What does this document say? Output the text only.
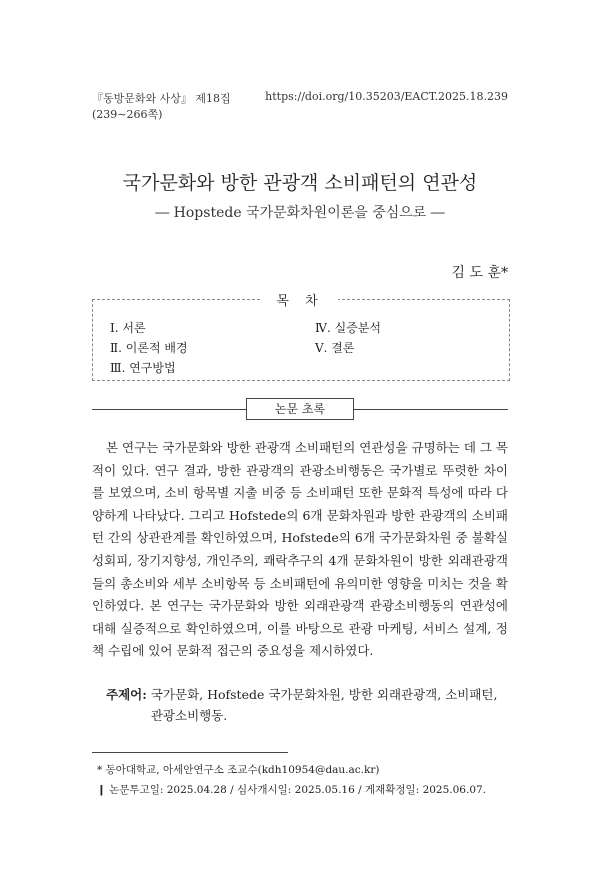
『동방문화와 사상』 제18집(239∼266쪽)
https://doi.org/10.35203/EACT.2025.18.239
국가문화와 방한 관광객 소비패턴의 연관성
― Hopstede 국가문화차원이론을 중심으로 ―
김 도 훈*
목 차
Ⅰ. 서론
Ⅱ. 이론적 배경
Ⅲ. 연구방법
Ⅳ. 실증분석
Ⅴ. 결론
논문 초록
본 연구는 국가문화와 방한 관광객 소비패턴의 연관성을 규명하는 데 그 목적이 있다. 연구 결과, 방한 관광객의 관광소비행동은 국가별로 뚜렷한 차이를 보였으며, 소비 항목별 지출 비중 등 소비패턴 또한 문화적 특성에 따라 다양하게 나타났다. 그리고 Hofstede의 6개 문화차원과 방한 관광객의 소비패턴 간의 상관관계를 확인하였으며, Hofstede의 6개 국가문화차원 중 불확실성회피, 장기지향성, 개인주의, 쾌락추구의 4개 문화차원이 방한 외래관광객들의 총소비와 세부 소비항목 등 소비패턴에 유의미한 영향을 미치는 것을 확인하였다. 본 연구는 국가문화와 방한 외래관광객 관광소비행동의 연관성에 대해 실증적으로 확인하였으며, 이를 바탕으로 관광 마케팅, 서비스 설계, 정책 수립에 있어 문화적 접근의 중요성을 제시하였다.
주제어: 국가문화, Hofstede 국가문화차원, 방한 외래관광객, 소비패턴, 관광소비행동.
* 동아대학교, 아세안연구소 조교수(kdh10954@dau.ac.kr)
❙ 논문투고일: 2025.04.28 / 심사개시일: 2025.05.16 / 게재확정일: 2025.06.07.
